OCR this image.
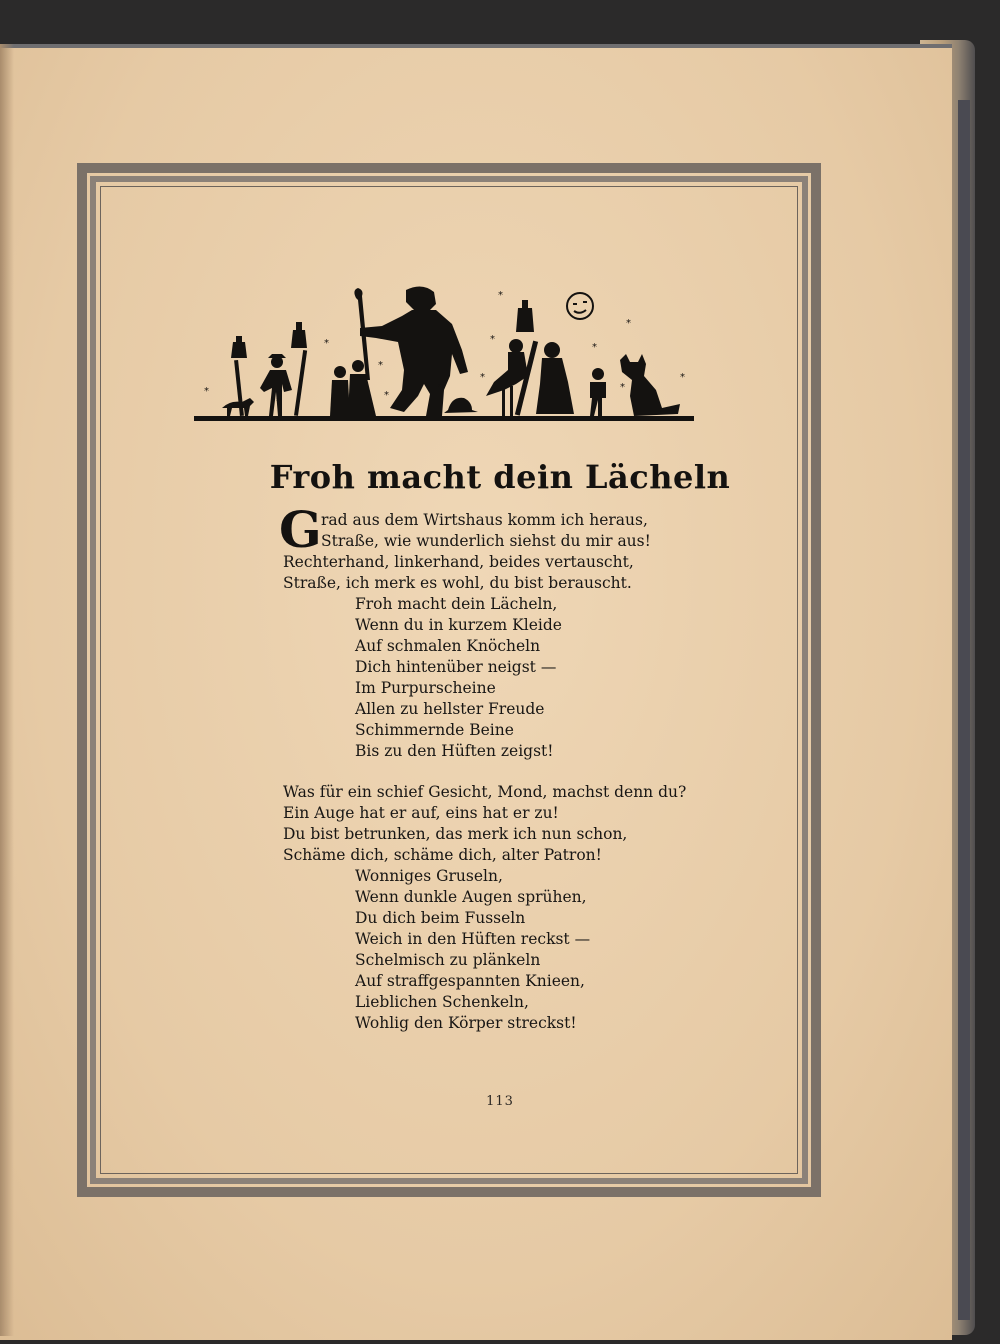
*
*
*
*
*
*
*
*
*
*
*
*
*
Froh macht dein Lächeln
G rad aus dem Wirtshaus komm ich heraus,
Straße, wie wunderlich siehst du mir aus!
Rechterhand, linkerhand, beides vertauscht,
Straße, ich merk es wohl, du bist berauscht.
Froh macht dein Lächeln,
Wenn du in kurzem Kleide
Auf schmalen Knöcheln
Dich hintenüber neigst —
Im Purpurscheine
Allen zu hellster Freude
Schimmernde Beine
Bis zu den Hüften zeigst!
Was für ein schief Gesicht, Mond, machst denn du?
Ein Auge hat er auf, eins hat er zu!
Du bist betrunken, das merk ich nun schon,
Schäme dich, schäme dich, alter Patron!
Wonniges Gruseln,
Wenn dunkle Augen sprühen,
Du dich beim Fusseln
Weich in den Hüften reckst —
Schelmisch zu plänkeln
Auf straffgespannten Knieen,
Lieblichen Schenkeln,
Wohlig den Körper streckst!
113
